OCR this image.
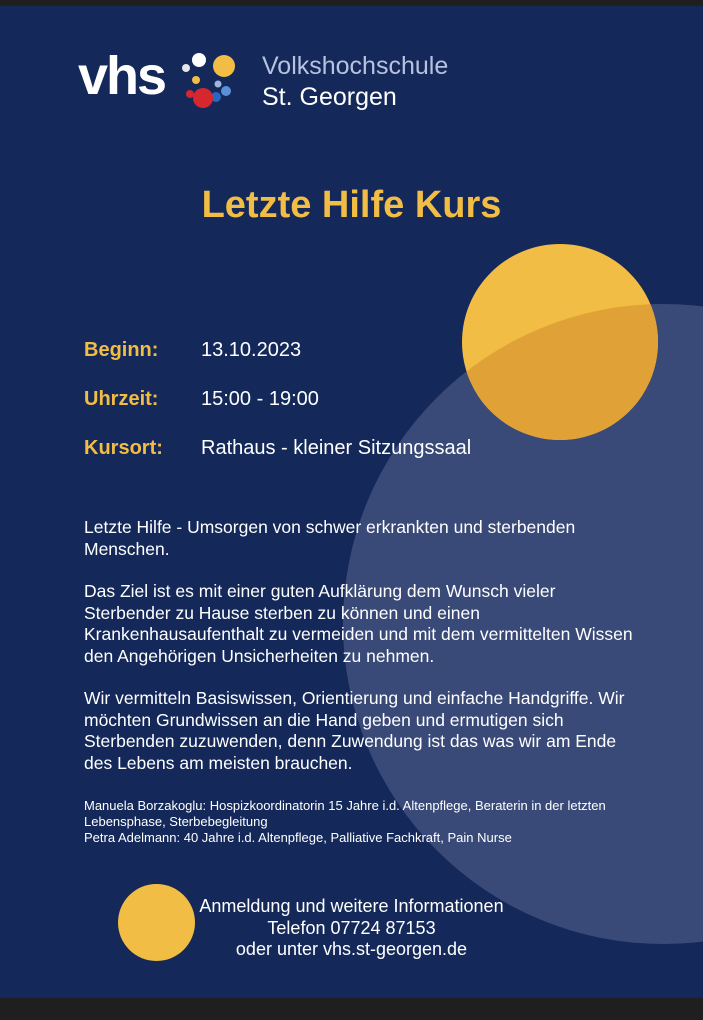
vhs	Volkshochschule
St. Georgen
Letzte Hilfe Kurs
Beginn: 13.10.2023
Uhrzeit: 15:00 - 19:00
Kursort: Rathaus - kleiner Sitzungssaal

Letzte Hilfe - Umsorgen von schwer erkrankten und sterbenden Menschen.

Das Ziel ist es mit einer guten Aufklärung dem Wunsch vieler Sterbender zu Hause sterben zu können und einen Krankenhausaufenthalt zu vermeiden und mit dem vermittelten Wissen den Angehörigen Unsicherheiten zu nehmen.

Wir vermitteln Basiswissen, Orientierung und einfache Handgriffe. Wir möchten Grundwissen an die Hand geben und ermutigen sich Sterbenden zuzuwenden, denn Zuwendung ist das was wir am Ende des Lebens am meisten brauchen.

Manuela Borzakoglu: Hospizkoordinatorin 15 Jahre i.d. Altenpflege, Beraterin in der letzten Lebensphase, Sterbebegleitung
Petra Adelmann: 40 Jahre i.d. Altenpflege, Palliative Fachkraft, Pain Nurse
Anmeldung und weitere Informationen
Telefon 07724 87153
oder unter vhs.st-georgen.de
